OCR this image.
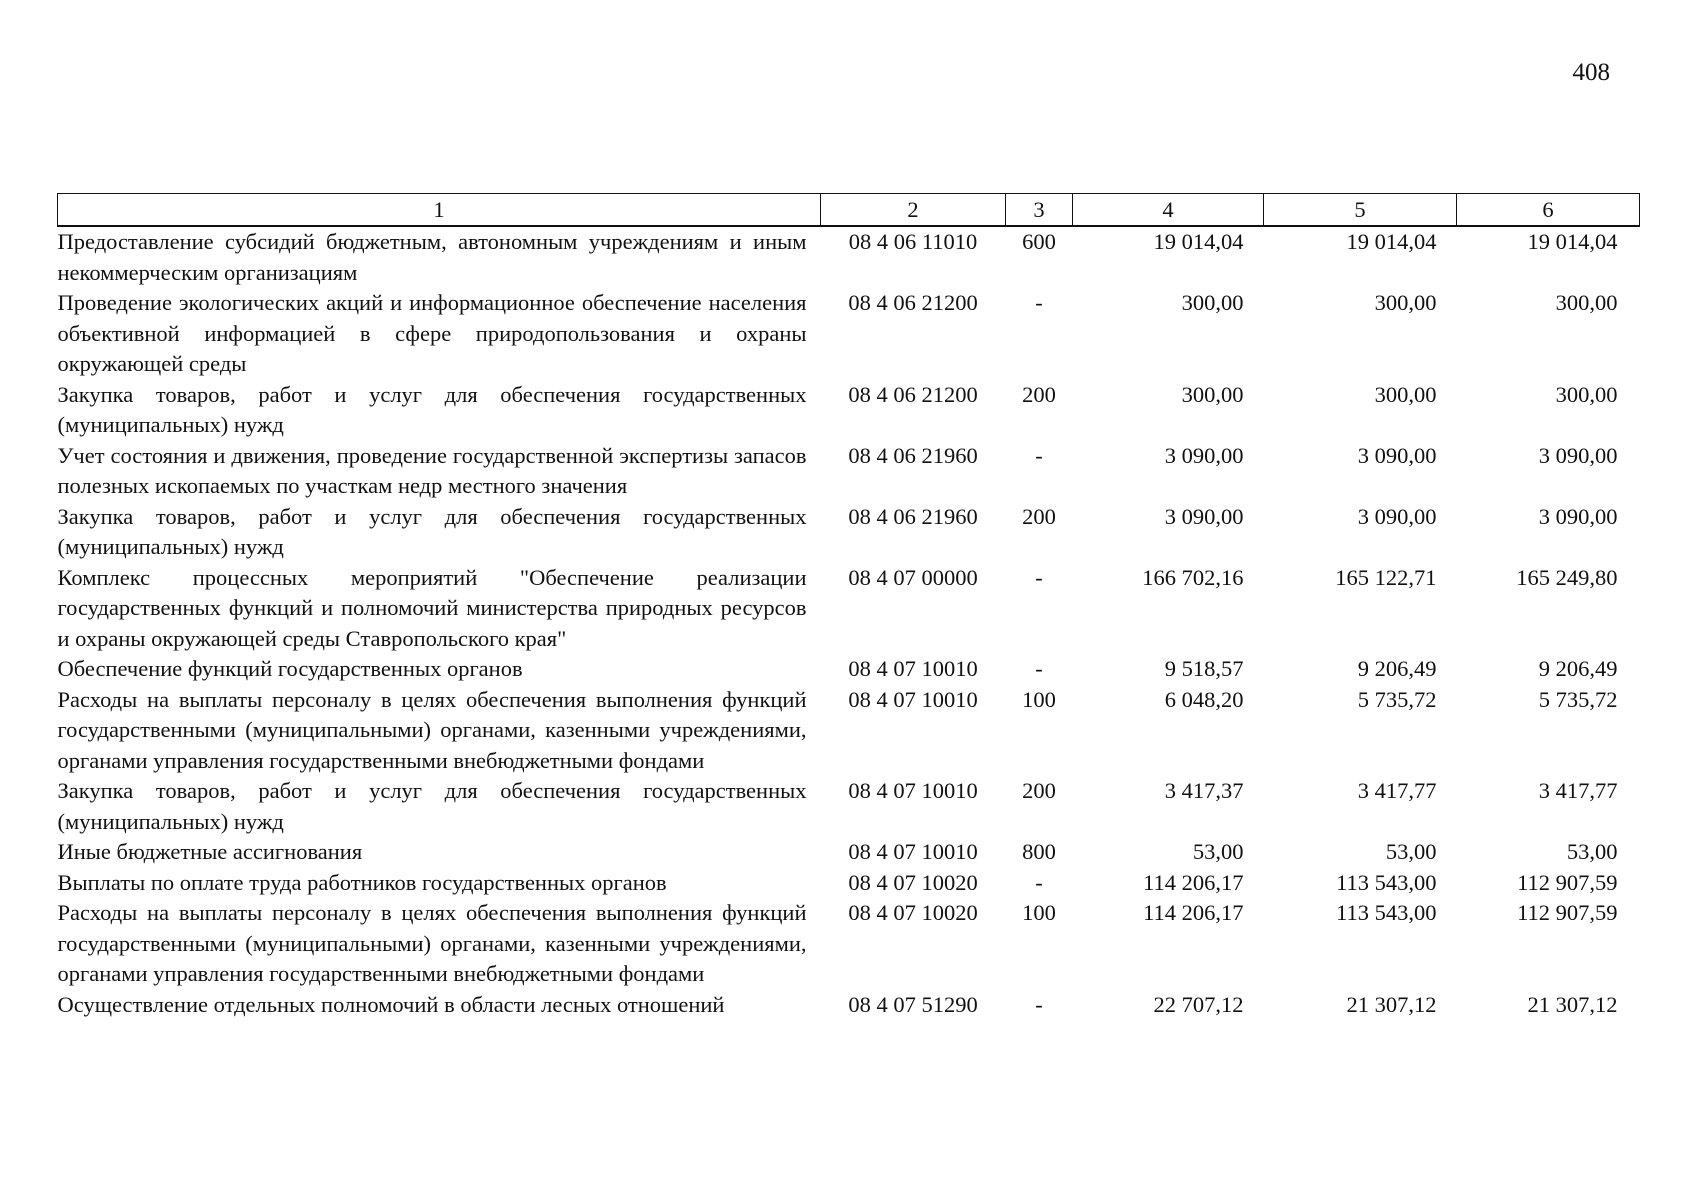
408
1	2	3	4	5	6
Предоставление субсидий бюджетным, автономным учреждениям и иным некоммерческим организациям	08 4 06 11010	600	19 014,04	19 014,04	19 014,04
Проведение экологических акций и информационное обеспечение населения объективной информацией в сфере природопользования и охраны окружающей среды	08 4 06 21200	-	300,00	300,00	300,00
Закупка товаров, работ и услуг для обеспечения государственных (муниципальных) нужд	08 4 06 21200	200	300,00	300,00	300,00
Учет состояния и движения, проведение государственной экспертизы запасов полезных ископаемых по участкам недр местного значения	08 4 06 21960	-	3 090,00	3 090,00	3 090,00
Закупка товаров, работ и услуг для обеспечения государственных (муниципальных) нужд	08 4 06 21960	200	3 090,00	3 090,00	3 090,00
Комплекс процессных мероприятий "Обеспечение реализации государственных функций и полномочий министерства природных ресурсов и охраны окружающей среды Ставропольского края"	08 4 07 00000	-	166 702,16	165 122,71	165 249,80
Обеспечение функций государственных органов	08 4 07 10010	-	9 518,57	9 206,49	9 206,49
Расходы на выплаты персоналу в целях обеспечения выполнения функций государственными (муниципальными) органами, казенными учреждениями, органами управления государственными внебюджетными фондами	08 4 07 10010	100	6 048,20	5 735,72	5 735,72
Закупка товаров, работ и услуг для обеспечения государственных (муниципальных) нужд	08 4 07 10010	200	3 417,37	3 417,77	3 417,77
Иные бюджетные ассигнования	08 4 07 10010	800	53,00	53,00	53,00
Выплаты по оплате труда работников государственных органов	08 4 07 10020	-	114 206,17	113 543,00	112 907,59
Расходы на выплаты персоналу в целях обеспечения выполнения функций государственными (муниципальными) органами, казенными учреждениями, органами управления государственными внебюджетными фондами	08 4 07 10020	100	114 206,17	113 543,00	112 907,59
Осуществление отдельных полномочий в области лесных отношений	08 4 07 51290	-	22 707,12	21 307,12	21 307,12
